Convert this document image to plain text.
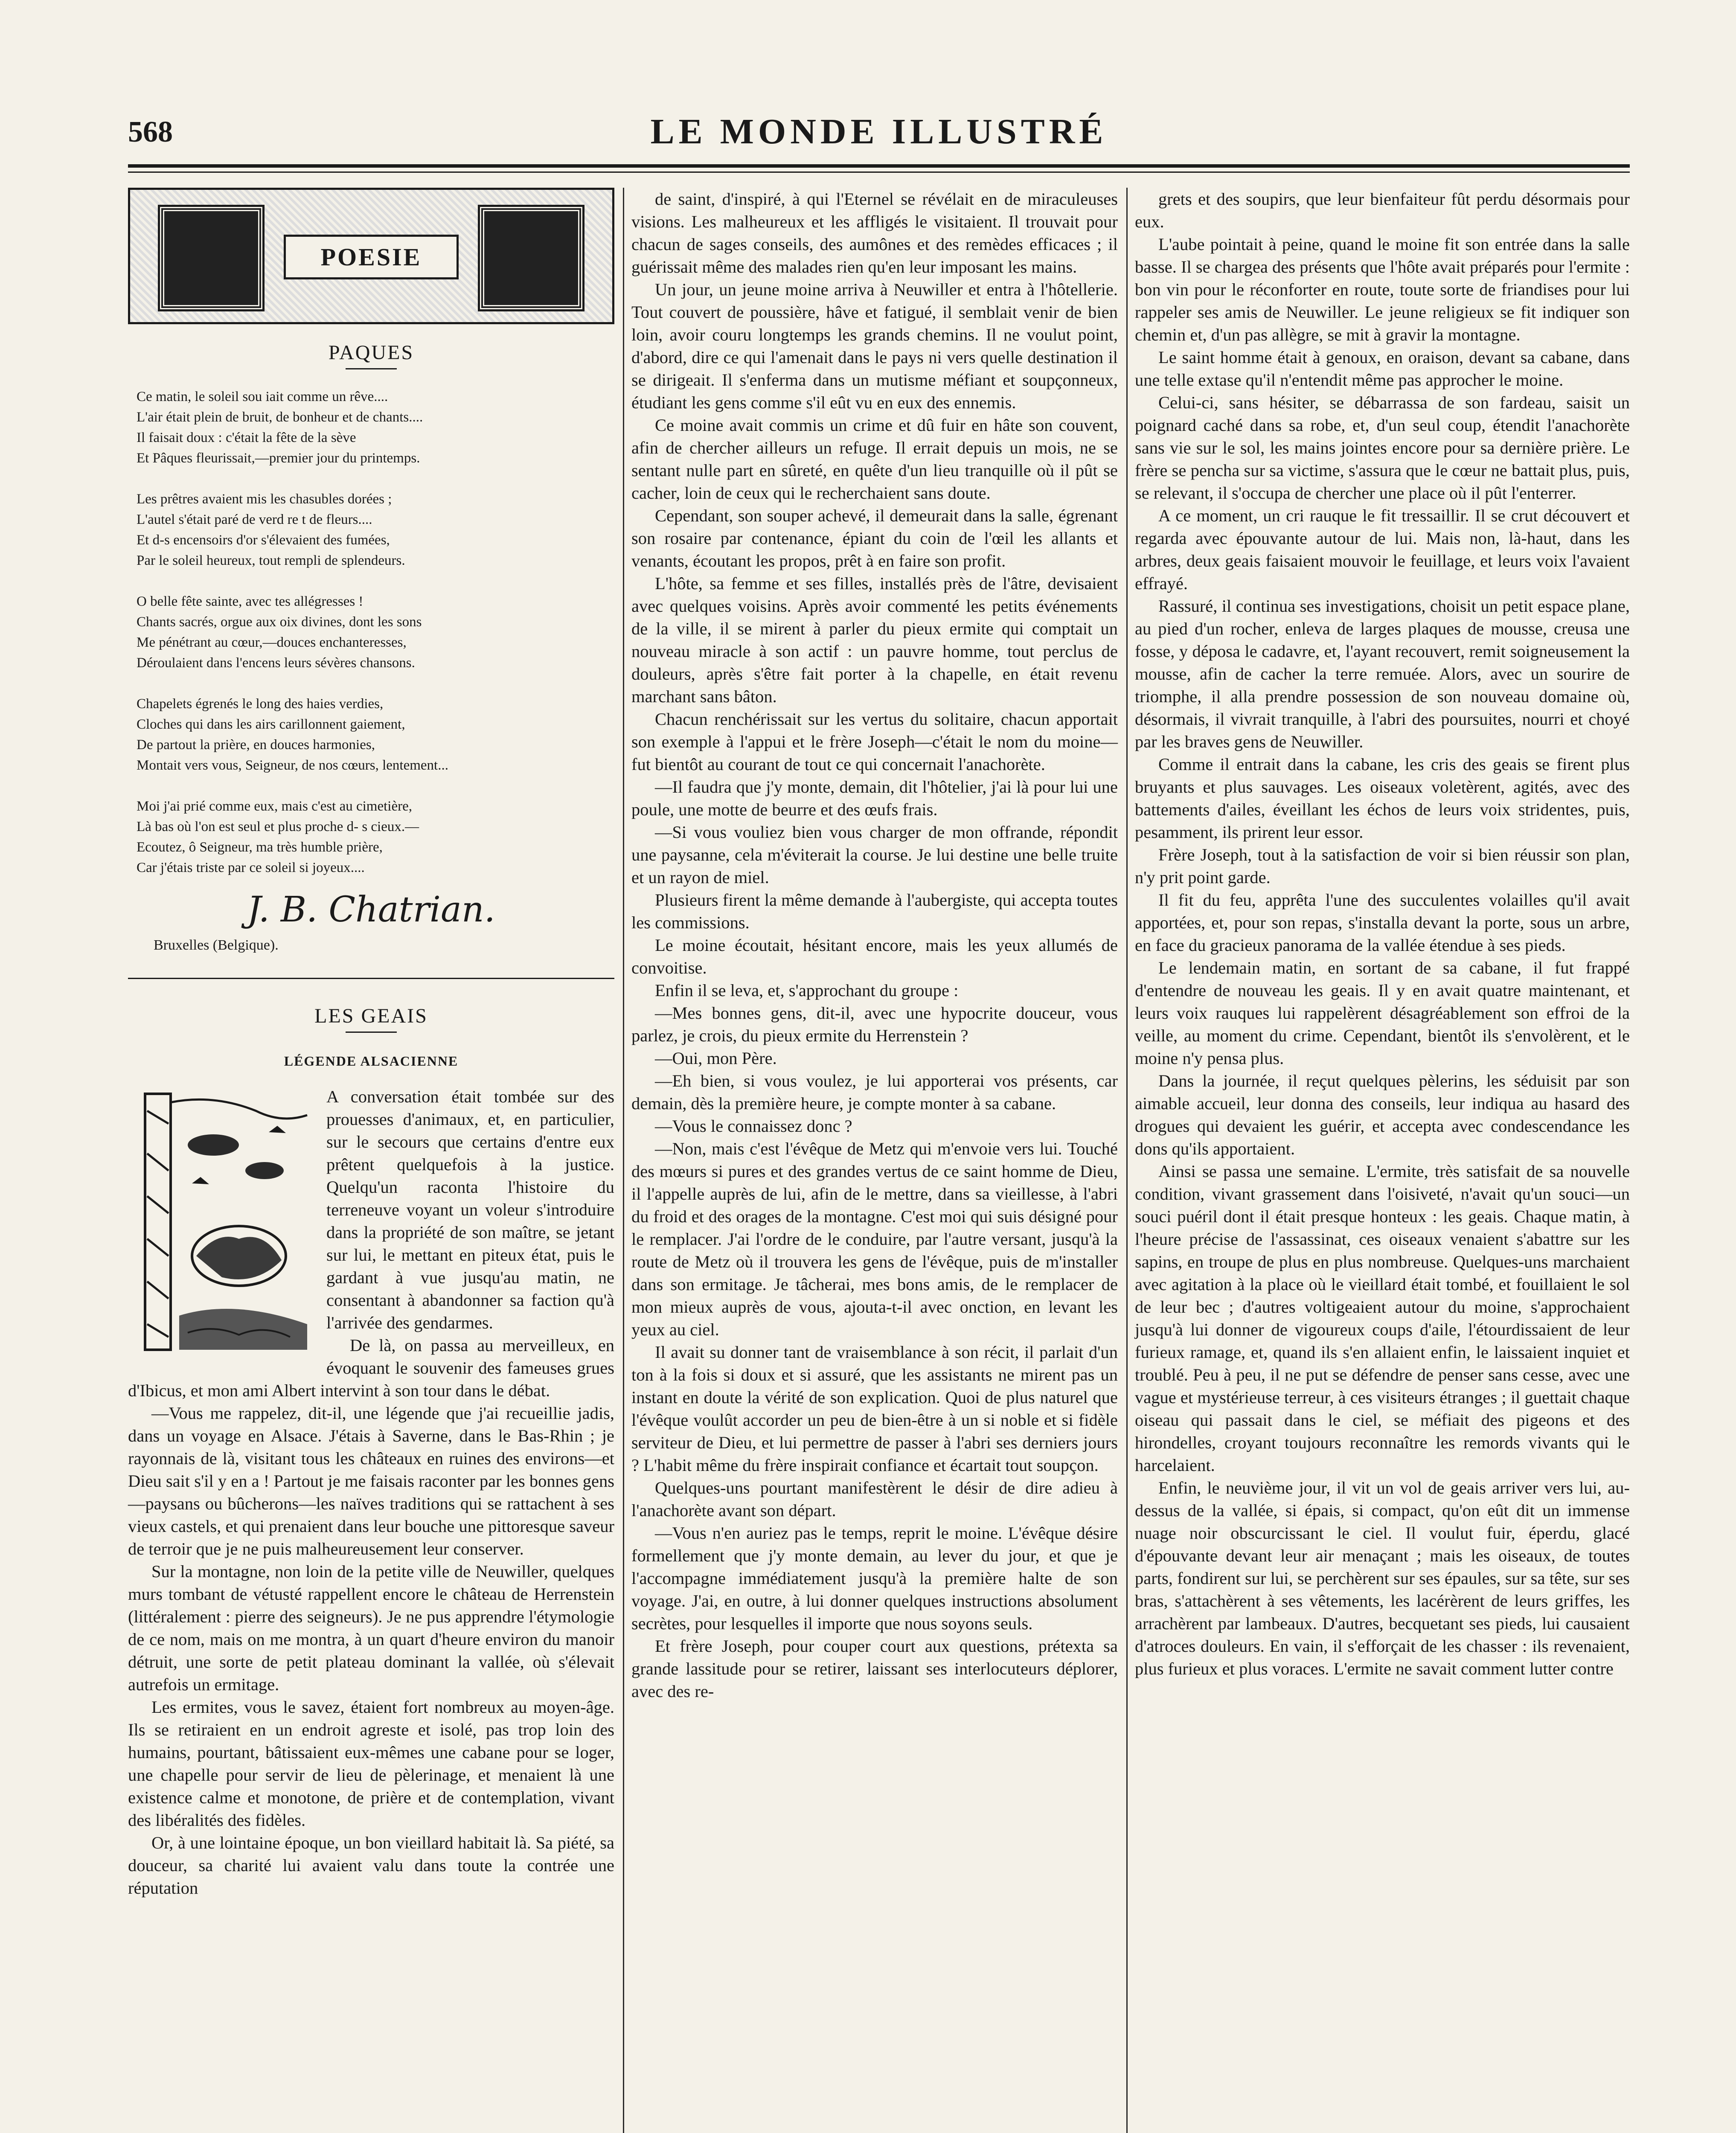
568	LE MONDE ILLUSTRÉ
POESIE
PAQUES
Ce matin, le soleil sou iait comme un rêve....
L'air était plein de bruit, de bonheur et de chants....
Il faisait doux : c'était la fête de la sève
Et Pâques fleurissait,—premier jour du printemps.
Les prêtres avaient mis les chasubles dorées ;
L'autel s'était paré de verd re t de fleurs....
Et d-s encensoirs d'or s'élevaient des fumées,
Par le soleil heureux, tout rempli de splendeurs.
O belle fête sainte, avec tes allégresses !
Chants sacrés, orgue aux oix divines, dont les sons
Me pénétrant au cœur,—douces enchanteresses,
Déroulaient dans l'encens leurs sévères chansons.
Chapelets égrenés le long des haies verdies,
Cloches qui dans les airs carillonnent gaiement,
De partout la prière, en douces harmonies,
Montait vers vous, Seigneur, de nos cœurs, lentement...
Moi j'ai prié comme eux, mais c'est au cimetière,
Là bas où l'on est seul et plus proche d- s cieux.—
Ecoutez, ô Seigneur, ma très humble prière,
Car j'étais triste par ce soleil si joyeux....
J. B. Chatrian.
Bruxelles (Belgique).
LES GEAIS
LÉGENDE ALSACIENNE

A conversation était tombée sur des prouesses d'animaux, et, en particulier, sur le secours que certains d'entre eux prêtent quelquefois à la justice. Quelqu'un raconta l'histoire du terreneuve voyant un voleur s'introduire dans la propriété de son maître, se jetant sur lui, le mettant en piteux état, puis le gardant à vue jusqu'au matin, ne consentant à abandonner sa faction qu'à l'arrivée des gendarmes.

De là, on passa au merveilleux, en évoquant le souvenir des fameuses grues d'Ibicus, et mon ami Albert intervint à son tour dans le débat.

—Vous me rappelez, dit-il, une légende que j'ai recueillie jadis, dans un voyage en Alsace. J'étais à Saverne, dans le Bas-Rhin ; je rayonnais de là, visitant tous les châteaux en ruines des environs—et Dieu sait s'il y en a ! Partout je me faisais raconter par les bonnes gens—paysans ou bûcherons—les naïves traditions qui se rattachent à ses vieux castels, et qui prenaient dans leur bouche une pittoresque saveur de terroir que je ne puis malheureusement leur conserver.

Sur la montagne, non loin de la petite ville de Neuwiller, quelques murs tombant de vétusté rappellent encore le château de Herrenstein (littéralement : pierre des seigneurs). Je ne pus apprendre l'étymologie de ce nom, mais on me montra, à un quart d'heure environ du manoir détruit, une sorte de petit plateau dominant la vallée, où s'élevait autrefois un ermitage.

Les ermites, vous le savez, étaient fort nombreux au moyen-âge. Ils se retiraient en un endroit agreste et isolé, pas trop loin des humains, pourtant, bâtissaient eux-mêmes une cabane pour se loger, une chapelle pour servir de lieu de pèlerinage, et menaient là une existence calme et monotone, de prière et de contemplation, vivant des libéralités des fidèles.

Or, à une lointaine époque, un bon vieillard habitait là. Sa piété, sa douceur, sa charité lui avaient valu dans toute la contrée une réputation

de saint, d'inspiré, à qui l'Eternel se révélait en de miraculeuses visions. Les malheureux et les affligés le visitaient. Il trouvait pour chacun de sages conseils, des aumônes et des remèdes efficaces ; il guérissait même des malades rien qu'en leur imposant les mains.

Un jour, un jeune moine arriva à Neuwiller et entra à l'hôtellerie. Tout couvert de poussière, hâve et fatigué, il semblait venir de bien loin, avoir couru longtemps les grands chemins. Il ne voulut point, d'abord, dire ce qui l'amenait dans le pays ni vers quelle destination il se dirigeait. Il s'enferma dans un mutisme méfiant et soupçonneux, étudiant les gens comme s'il eût vu en eux des ennemis.

Ce moine avait commis un crime et dû fuir en hâte son couvent, afin de chercher ailleurs un refuge. Il errait depuis un mois, ne se sentant nulle part en sûreté, en quête d'un lieu tranquille où il pût se cacher, loin de ceux qui le recherchaient sans doute.

Cependant, son souper achevé, il demeurait dans la salle, égrenant son rosaire par contenance, épiant du coin de l'œil les allants et venants, écoutant les propos, prêt à en faire son profit.

L'hôte, sa femme et ses filles, installés près de l'âtre, devisaient avec quelques voisins. Après avoir commenté les petits événements de la ville, il se mirent à parler du pieux ermite qui comptait un nouveau miracle à son actif : un pauvre homme, tout perclus de douleurs, après s'être fait porter à la chapelle, en était revenu marchant sans bâton.

Chacun renchérissait sur les vertus du solitaire, chacun apportait son exemple à l'appui et le frère Joseph—c'était le nom du moine—fut bientôt au courant de tout ce qui concernait l'anachorète.

—Il faudra que j'y monte, demain, dit l'hôtelier, j'ai là pour lui une poule, une motte de beurre et des œufs frais.

—Si vous vouliez bien vous charger de mon offrande, répondit une paysanne, cela m'éviterait la course. Je lui destine une belle truite et un rayon de miel.

Plusieurs firent la même demande à l'aubergiste, qui accepta toutes les commissions.

Le moine écoutait, hésitant encore, mais les yeux allumés de convoitise.

Enfin il se leva, et, s'approchant du groupe :

—Mes bonnes gens, dit-il, avec une hypocrite douceur, vous parlez, je crois, du pieux ermite du Herrenstein ?

—Oui, mon Père.

—Eh bien, si vous voulez, je lui apporterai vos présents, car demain, dès la première heure, je compte monter à sa cabane.

—Vous le connaissez donc ?

—Non, mais c'est l'évêque de Metz qui m'envoie vers lui. Touché des mœurs si pures et des grandes vertus de ce saint homme de Dieu, il l'appelle auprès de lui, afin de le mettre, dans sa vieillesse, à l'abri du froid et des orages de la montagne. C'est moi qui suis désigné pour le remplacer. J'ai l'ordre de le conduire, par l'autre versant, jusqu'à la route de Metz où il trouvera les gens de l'évêque, puis de m'installer dans son ermitage. Je tâcherai, mes bons amis, de le remplacer de mon mieux auprès de vous, ajouta-t-il avec onction, en levant les yeux au ciel.

Il avait su donner tant de vraisemblance à son récit, il parlait d'un ton à la fois si doux et si assuré, que les assistants ne mirent pas un instant en doute la vérité de son explication. Quoi de plus naturel que l'évêque voulût accorder un peu de bien-être à un si noble et si fidèle serviteur de Dieu, et lui permettre de passer à l'abri ses derniers jours ? L'habit même du frère inspirait confiance et écartait tout soupçon.

Quelques-uns pourtant manifestèrent le désir de dire adieu à l'anachorète avant son départ.

—Vous n'en auriez pas le temps, reprit le moine. L'évêque désire formellement que j'y monte demain, au lever du jour, et que je l'accompagne immédiatement jusqu'à la première halte de son voyage. J'ai, en outre, à lui donner quelques instructions absolument secrètes, pour lesquelles il importe que nous soyons seuls.

Et frère Joseph, pour couper court aux questions, prétexta sa grande lassitude pour se retirer, laissant ses interlocuteurs déplorer, avec des re-

grets et des soupirs, que leur bienfaiteur fût perdu désormais pour eux.

L'aube pointait à peine, quand le moine fit son entrée dans la salle basse. Il se chargea des présents que l'hôte avait préparés pour l'ermite : bon vin pour le réconforter en route, toute sorte de friandises pour lui rappeler ses amis de Neuwiller. Le jeune religieux se fit indiquer son chemin et, d'un pas allègre, se mit à gravir la montagne.

Le saint homme était à genoux, en oraison, devant sa cabane, dans une telle extase qu'il n'entendit même pas approcher le moine.

Celui-ci, sans hésiter, se débarrassa de son fardeau, saisit un poignard caché dans sa robe, et, d'un seul coup, étendit l'anachorète sans vie sur le sol, les mains jointes encore pour sa dernière prière. Le frère se pencha sur sa victime, s'assura que le cœur ne battait plus, puis, se relevant, il s'occupa de chercher une place où il pût l'enterrer.

A ce moment, un cri rauque le fit tressaillir. Il se crut découvert et regarda avec épouvante autour de lui. Mais non, là-haut, dans les arbres, deux geais faisaient mouvoir le feuillage, et leurs voix l'avaient effrayé.

Rassuré, il continua ses investigations, choisit un petit espace plane, au pied d'un rocher, enleva de larges plaques de mousse, creusa une fosse, y déposa le cadavre, et, l'ayant recouvert, remit soigneusement la mousse, afin de cacher la terre remuée. Alors, avec un sourire de triomphe, il alla prendre possession de son nouveau domaine où, désormais, il vivrait tranquille, à l'abri des poursuites, nourri et choyé par les braves gens de Neuwiller.

Comme il entrait dans la cabane, les cris des geais se firent plus bruyants et plus sauvages. Les oiseaux voletèrent, agités, avec des battements d'ailes, éveillant les échos de leurs voix stridentes, puis, pesamment, ils prirent leur essor.

Frère Joseph, tout à la satisfaction de voir si bien réussir son plan, n'y prit point garde.

Il fit du feu, apprêta l'une des succulentes volailles qu'il avait apportées, et, pour son repas, s'installa devant la porte, sous un arbre, en face du gracieux panorama de la vallée étendue à ses pieds.

Le lendemain matin, en sortant de sa cabane, il fut frappé d'entendre de nouveau les geais. Il y en avait quatre maintenant, et leurs voix rauques lui rappelèrent désagréablement son effroi de la veille, au moment du crime. Cependant, bientôt ils s'envolèrent, et le moine n'y pensa plus.

Dans la journée, il reçut quelques pèlerins, les séduisit par son aimable accueil, leur donna des conseils, leur indiqua au hasard des drogues qui devaient les guérir, et accepta avec condescendance les dons qu'ils apportaient.

Ainsi se passa une semaine. L'ermite, très satisfait de sa nouvelle condition, vivant grassement dans l'oisiveté, n'avait qu'un souci—un souci puéril dont il était presque honteux : les geais. Chaque matin, à l'heure précise de l'assassinat, ces oiseaux venaient s'abattre sur les sapins, en troupe de plus en plus nombreuse. Quelques-uns marchaient avec agitation à la place où le vieillard était tombé, et fouillaient le sol de leur bec ; d'autres voltigeaient autour du moine, s'approchaient jusqu'à lui donner de vigoureux coups d'aile, l'étourdissaient de leur furieux ramage, et, quand ils s'en allaient enfin, le laissaient inquiet et troublé. Peu à peu, il ne put se défendre de penser sans cesse, avec une vague et mystérieuse terreur, à ces visiteurs étranges ; il guettait chaque oiseau qui passait dans le ciel, se méfiait des pigeons et des hirondelles, croyant toujours reconnaître les remords vivants qui le harcelaient.

Enfin, le neuvième jour, il vit un vol de geais arriver vers lui, au-dessus de la vallée, si épais, si compact, qu'on eût dit un immense nuage noir obscurcissant le ciel. Il voulut fuir, éperdu, glacé d'épouvante devant leur air menaçant ; mais les oiseaux, de toutes parts, fondirent sur lui, se perchèrent sur ses épaules, sur sa tête, sur ses bras, s'attachèrent à ses vêtements, les lacérèrent de leurs griffes, les arrachèrent par lambeaux. D'autres, becquetant ses pieds, lui causaient d'atroces douleurs. En vain, il s'efforçait de les chasser : ils revenaient, plus furieux et plus voraces. L'ermite ne savait comment lutter contre
